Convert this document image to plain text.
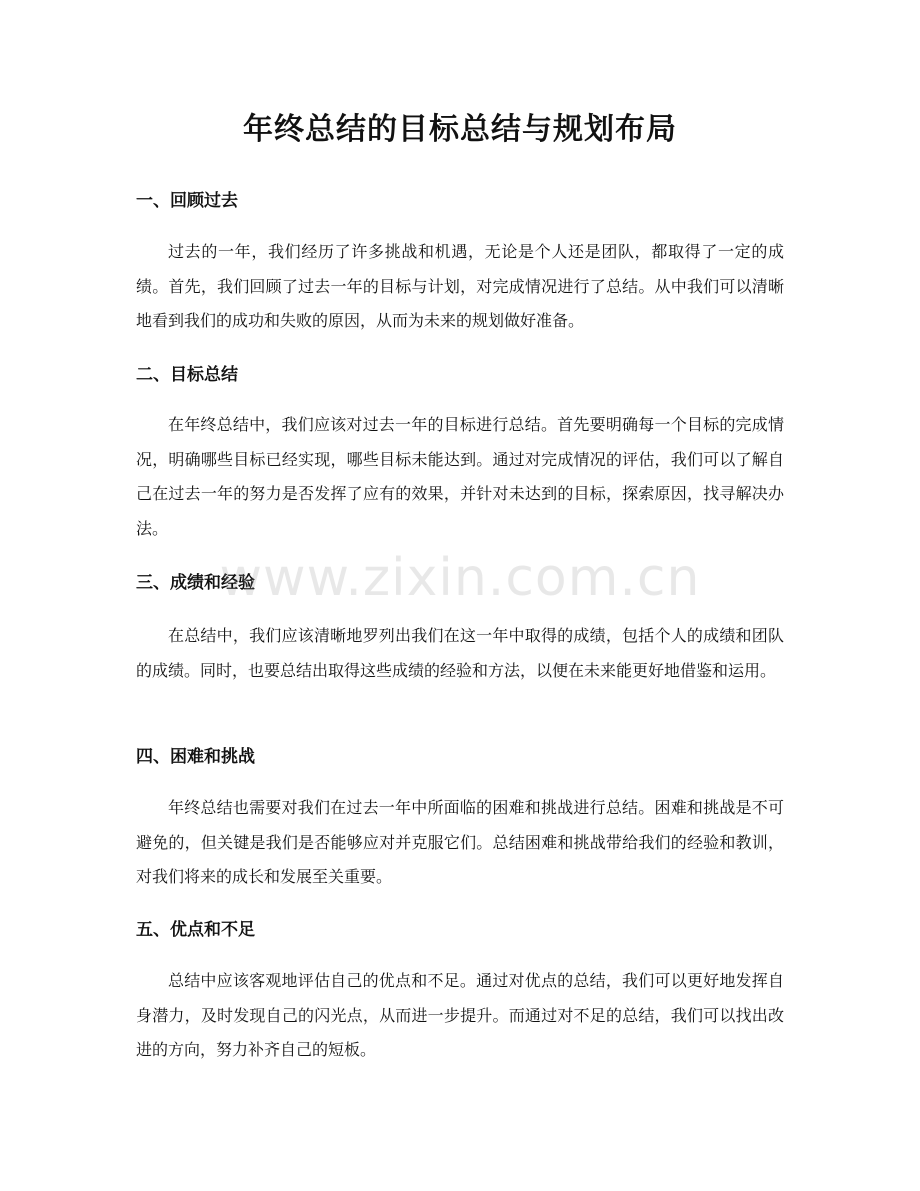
年终总结的目标总结与规划布局
一、回顾过去

过去的一年，我们经历了许多挑战和机遇，无论是个人还是团队，都取得了一定的成绩。首先，我们回顾了过去一年的目标与计划，对完成情况进行了总结。从中我们可以清晰地看到我们的成功和失败的原因，从而为未来的规划做好准备。

二、目标总结

在年终总结中，我们应该对过去一年的目标进行总结。首先要明确每一个目标的完成情况，明确哪些目标已经实现，哪些目标未能达到。通过对完成情况的评估，我们可以了解自己在过去一年的努力是否发挥了应有的效果，并针对未达到的目标，探索原因，找寻解决办法。

三、成绩和经验

在总结中，我们应该清晰地罗列出我们在这一年中取得的成绩，包括个人的成绩和团队的成绩。同时，也要总结出取得这些成绩的经验和方法，以便在未来能更好地借鉴和运用。

四、困难和挑战

年终总结也需要对我们在过去一年中所面临的困难和挑战进行总结。困难和挑战是不可避免的，但关键是我们是否能够应对并克服它们。总结困难和挑战带给我们的经验和教训，对我们将来的成长和发展至关重要。

五、优点和不足

总结中应该客观地评估自己的优点和不足。通过对优点的总结，我们可以更好地发挥自身潜力，及时发现自己的闪光点，从而进一步提升。而通过对不足的总结，我们可以找出改进的方向，努力补齐自己的短板。

www.zixin.com.cn
